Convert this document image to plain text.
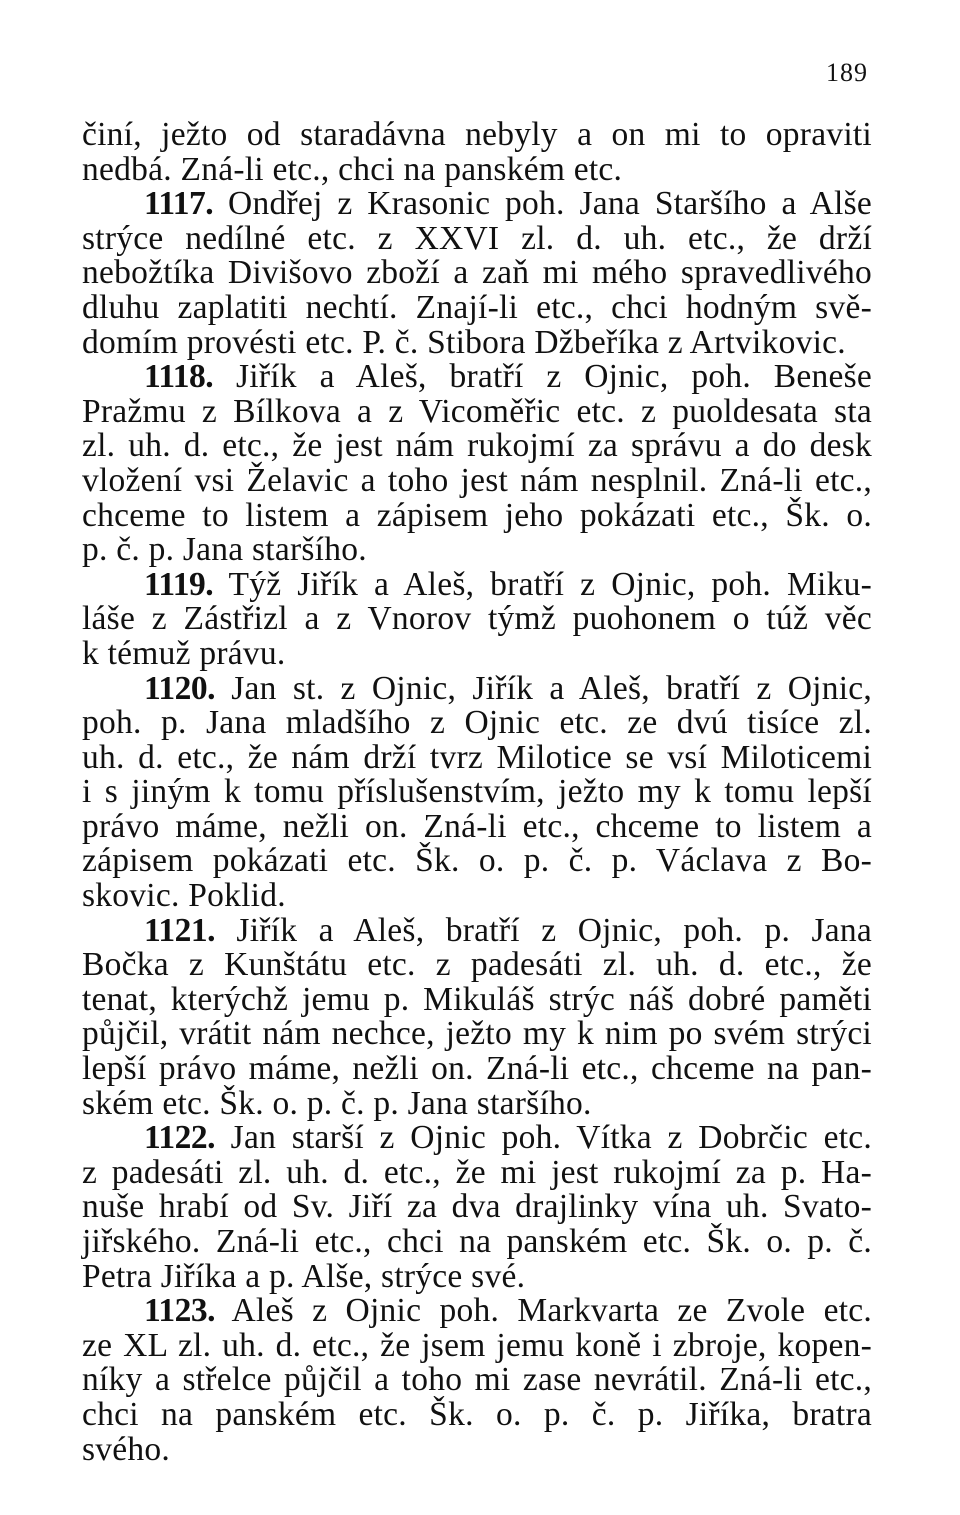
189
činí, ježto od staradávna nebyly a on mi to opraviti
nedbá. Zná-li etc., chci na panském etc.
1117. Ondřej z Krasonic poh. Jana Staršího a Alše
strýce nedílné etc. z XXVI zl. d. uh. etc., že drží
nebožtíka Divišovo zboží a zaň mi mého spravedlivého
dluhu zaplatiti nechtí. Znají-li etc., chci hodným svě-
domím provésti etc. P. č. Stibora Džbeříka z Artvikovic.
1118. Jiřík a Aleš, bratří z Ojnic, poh. Beneše
Pražmu z Bílkova a z Vicoměřic etc. z puoldesata sta
zl. uh. d. etc., že jest nám rukojmí za správu a do desk
vložení vsi Želavic a toho jest nám nesplnil. Zná-li etc.,
chceme to listem a zápisem jeho pokázati etc., Šk. o.
p. č. p. Jana staršího.
1119. Týž Jiřík a Aleš, bratří z Ojnic, poh. Miku-
láše z Zástřizl a z Vnorov týmž puohonem o túž věc
k témuž právu.
1120. Jan st. z Ojnic, Jiřík a Aleš, bratří z Ojnic,
poh. p. Jana mladšího z Ojnic etc. ze dvú tisíce zl.
uh. d. etc., že nám drží tvrz Milotice se vsí Miloticemi
i s jiným k tomu příslušenstvím, ježto my k tomu lepší
právo máme, nežli on. Zná-li etc., chceme to listem a
zápisem pokázati etc. Šk. o. p. č. p. Václava z Bo-
skovic. Poklid.
1121. Jiřík a Aleš, bratří z Ojnic, poh. p. Jana
Bočka z Kunštátu etc. z padesáti zl. uh. d. etc., že
tenat, kterýchž jemu p. Mikuláš strýc náš dobré paměti
půjčil, vrátit nám nechce, ježto my k nim po svém strýci
lepší právo máme, nežli on. Zná-li etc., chceme na pan-
ském etc. Šk. o. p. č. p. Jana staršího.
1122. Jan starší z Ojnic poh. Vítka z Dobrčic etc.
z padesáti zl. uh. d. etc., že mi jest rukojmí za p. Ha-
nuše hrabí od Sv. Jiří za dva drajlinky vína uh. Svato-
jiřského. Zná-li etc., chci na panském etc. Šk. o. p. č.
Petra Jiříka a p. Alše, strýce své.
1123. Aleš z Ojnic poh. Markvarta ze Zvole etc.
ze XL zl. uh. d. etc., že jsem jemu koně i zbroje, kopen-
níky a střelce půjčil a toho mi zase nevrátil. Zná-li etc.,
chci na panském etc. Šk. o. p. č. p. Jiříka, bratra
svého.
